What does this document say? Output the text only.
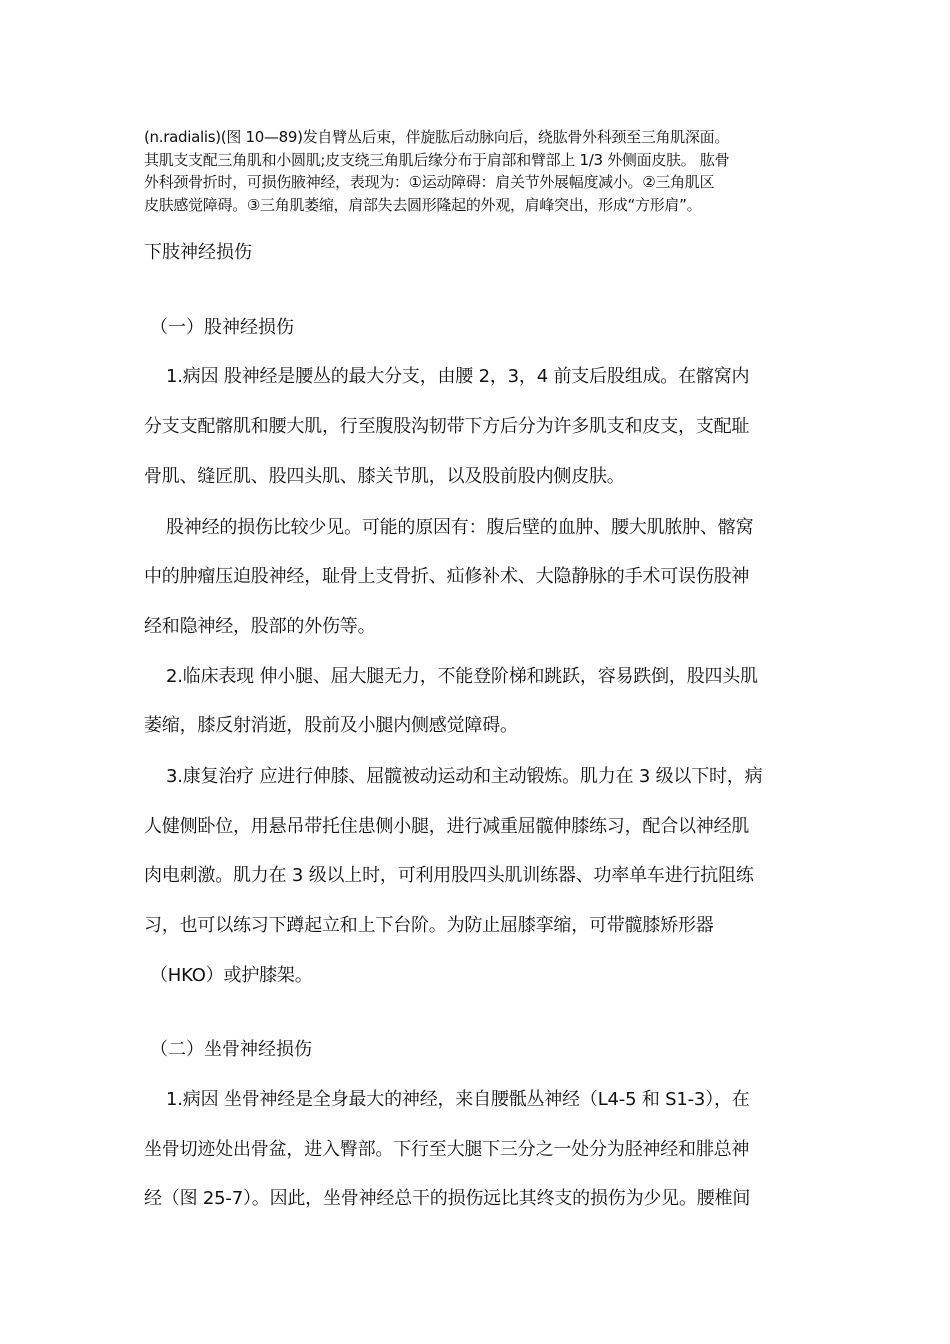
(n.radialis)(图 10—89)发自臂丛后束，伴旋肱后动脉向后，绕肱骨外科颈至三角肌深面。

其肌支支配三角肌和小圆肌;皮支绕三角肌后缘分布于肩部和臂部上 1/3 外侧面皮肤。 肱骨

外科颈骨折时，可损伤腋神经，表现为：①运动障碍：肩关节外展幅度减小。②三角肌区

皮肤感觉障碍。③三角肌萎缩，肩部失去圆形隆起的外观，肩峰突出，形成“方形肩”。

下肢神经损伤
（一）股神经损伤
1.病因 股神经是腰丛的最大分支，由腰 2，3，4 前支后股组成。在髂窝内
分支支配髂肌和腰大肌，行至腹股沟韧带下方后分为许多肌支和皮支，支配耻
骨肌、缝匠肌、股四头肌、膝关节肌，以及股前股内侧皮肤。
股神经的损伤比较少见。可能的原因有：腹后壁的血肿、腰大肌脓肿、髂窝
中的肿瘤压迫股神经，耻骨上支骨折、疝修补术、大隐静脉的手术可误伤股神
经和隐神经，股部的外伤等。
2.临床表现 伸小腿、屈大腿无力，不能登阶梯和跳跃，容易跌倒，股四头肌
萎缩，膝反射消逝，股前及小腿内侧感觉障碍。
3.康复治疗 应进行伸膝、屈髋被动运动和主动锻炼。肌力在 3 级以下时，病
人健侧卧位，用悬吊带托住患侧小腿，进行减重屈髋伸膝练习，配合以神经肌
肉电刺激。肌力在 3 级以上时，可利用股四头肌训练器、功率单车进行抗阻练
习，也可以练习下蹲起立和上下台阶。为防止屈膝挛缩，可带髋膝矫形器
（HKO）或护膝架。
（二）坐骨神经损伤
1.病因 坐骨神经是全身最大的神经，来自腰骶丛神经（L4-5 和 S1-3），在
坐骨切迹处出骨盆，进入臀部。下行至大腿下三分之一处分为胫神经和腓总神
经（图 25-7）。因此，坐骨神经总干的损伤远比其终支的损伤为少见。腰椎间
